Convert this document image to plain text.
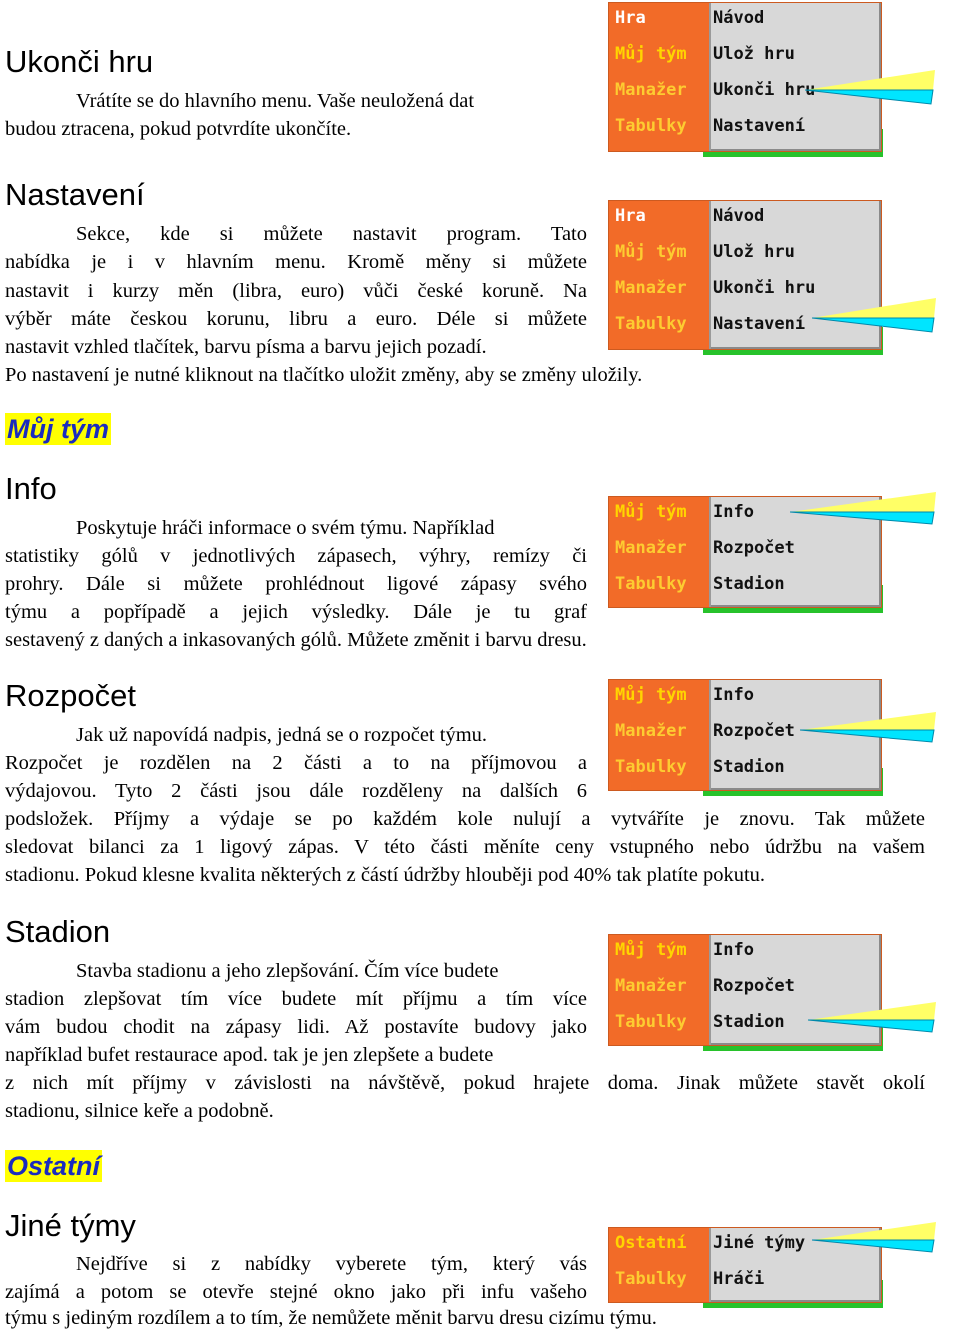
Ukonči hru
Vrátíte se do hlavního menu. Vaše neuložená dat
budou ztracena, pokud potvrdíte ukončíte.
Hra
Můj tým
Manažer
Tabulky
Návod
Ulož hru
Ukonči hru
Nastavení
Nastavení
Sekce, kde si můžete nastavit program. Tato
nabídka je i v hlavním menu. Kromě měny si můžete
nastavit i kurzy měn (libra, euro) vůči české koruně. Na
výběr máte českou korunu, libru a euro. Déle si můžete
nastavit vzhled tlačítek, barvu písma a barvu jejich pozadí.
Po nastavení je nutné kliknout na tlačítko uložit změny, aby se změny uložily.
Hra
Můj tým
Manažer
Tabulky
Návod
Ulož hru
Ukonči hru
Nastavení
Můj tým
Info
Poskytuje hráči informace o svém týmu. Například
statistiky gólů v jednotlivých zápasech, výhry, remízy či
prohry. Dále si můžete prohlédnout ligové zápasy svého
týmu a popřípadě a jejich výsledky. Dále je tu graf
sestavený z daných a inkasovaných gólů. Můžete změnit i barvu dresu.
Můj tým
Manažer
Tabulky
Info
Rozpočet
Stadion
Rozpočet
Jak už napovídá nadpis, jedná se o rozpočet týmu.
Rozpočet je rozdělen na 2 části a to na příjmovou a
výdajovou. Tyto 2 části jsou dále rozděleny na dalších 6
podsložek. Příjmy a výdaje se po každém kole nulují a vytváříte je znovu. Tak můžete
sledovat bilanci za 1 ligový zápas. V této části měníte ceny vstupného nebo údržbu na vašem
stadionu. Pokud klesne kvalita některých z částí údržby hlouběji pod 40% tak platíte pokutu.
Můj tým
Manažer
Tabulky
Info
Rozpočet
Stadion
Stadion
Stavba stadionu a jeho zlepšování. Čím více budete
stadion zlepšovat tím více budete mít příjmu a tím více
vám budou chodit na zápasy lidi. Až postavíte budovy jako
například bufet restaurace apod. tak je jen zlepšete a budete
z nich mít příjmy v závislosti na návštěvě, pokud hrajete doma. Jinak můžete stavět okolí
stadionu, silnice keře a podobně.
Můj tým
Manažer
Tabulky
Info
Rozpočet
Stadion
Ostatní
Jiné týmy
Nejdříve si z nabídky vyberete tým, který vás
zajímá a potom se otevře stejné okno jako při infu vašeho
týmu s jediným rozdílem a to tím, že nemůžete měnit barvu dresu cizímu týmu.
Ostatní
Tabulky
Jiné týmy
Hráči
